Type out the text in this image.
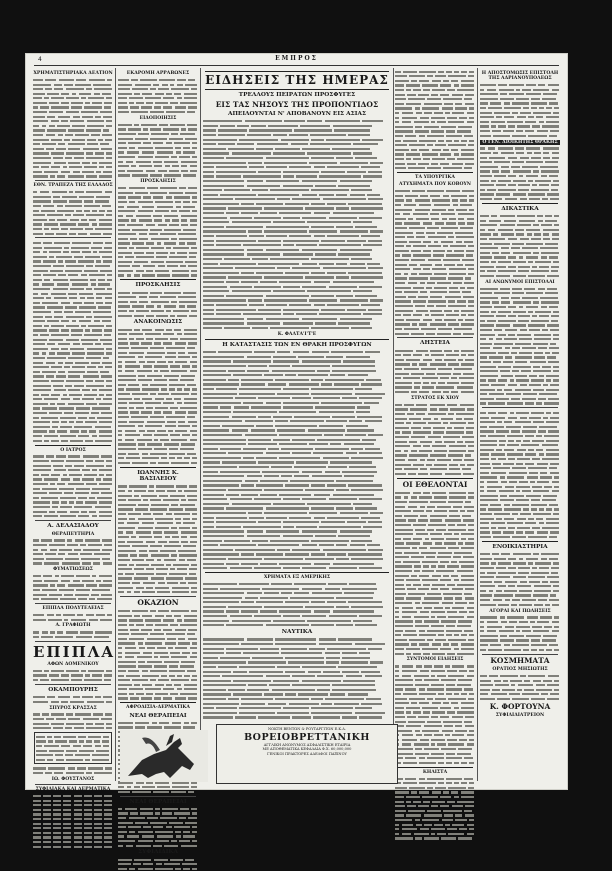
4	ΕΜΠΡΟΣ
ΧΡΗΜΑΤΙΣΤΗΡΙΑΚΑ ΔΕΛΤΙΟΝ
ΕΘΝ. ΤΡΑΠΕΖΑ ΤΗΣ ΕΛΛΑΔΟΣ
Ο ΙΑΤΡΟΣ
Α. ΔΕΛΑΣΙΑΔΟΥ
ΘΕΡΑΠΕΥΤΗΡΙΑ
ΦΥΜΑΤΙΩΣΕΩΣ
ΕΠΙΠΛΑ ΠΟΛΥΤΕΛΕΙΑΣ
Α. ΓΡΑΦΙΩΤΗ
ΕΠΙΠΛΑ
ΑΦΩΝ ΔΟΜΕΝΙΚΟΥ
ΟΚΑΜΠΟΥΡΗΣ
ΣΠΥΡΟΣ ΚΡΑΣΣΑΣ
ΙΩ. ΦΟΥΣΤΑΝΟΣ
ΣΥΦΙΛΙΑΚΑ ΚΑΙ ΔΕΡΜΑΤΙΚΑ
ΕΚΔΡΟΜΗ ΑΡΡΑΒΩΝΕΣ
ΕΙΔΟΠΟΙΗΣΙΣ
ΠΡΟΣΚΛΗΣΙΣ
ΠΡΟΣΚΛΗΣΙΣ
ΑΝΑΚΟΙΝΩΣΙΣ
ΙΩΑΝΝΗΣ Κ. ΒΑΣΙΛΕΙΟΥ
ΟΚΑΖΙΟΝ
ΑΦΡΟΔΙΣΙΑ-ΔΕΡΜΑΤΙΚΑ
ΝΕΑΙ ΘΕΡΑΠΕΙΑΙ
ΝΕΑΙ ΘΕΡΑΠΕΙΑΙ
ΣΥΦΙΛΙΔΙΚΑ
ΕΙΔΗΣΕΙΣ ΤΗΣ ΗΜΕΡΑΣ
ΤΡΕΛΛΟΥΣ ΠΕΙΡΑΤΩΝ ΠΡΟΣΦΥΓΕΣ
ΕΙΣ ΤΑΣ ΝΗΣΟΥΣ ΤΗΣ ΠΡΟΠΟΝΤΙΔΟΣ
ΑΠΕΙΛΟΥΝΤΑΙ Ν' ΑΠΟΒΑΝΟΥΝ ΕΙΣ ΑΣΙΑΣ
Κ. ΦΑΛΤΑ'Ι'Τ'Ε
Η ΚΑΤΑΣΤΑΣΙΣ ΤΩΝ ΕΝ ΘΡΑΚΗ ΠΡΟΣΦΥΓΩΝ
ΧΡΗΜΑΤΑ ΕΞ ΑΜΕΡΙΚΗΣ
ΝΑΥΤΙΚΑ
ΤΑ ΥΠΟΥΡΓΙΚΑ
ΑΤΥΧΗΜΑΤΑ ΠΟΥ ΚΟΒΟΥΝ
ΛΗΣΤΕΙΑ
ΣΤΡΑΤΟΣ ΕΚ ΧΙΟΥ
ΟΙ ΕΘΕΛΟΝΤΑΙ
ΣΥΝΤΟΜΟΙ ΕΙΔΗΣΕΙΣ
ΚΗΛΙΣΤΑ
Η ΑΠΟΣΤΟΜΩΣΙΣ ΕΠΙΣΤΟΛΗ ΤΗΣ ΑΔΡΙΑΝΟΥΠΟΛΕΩΣ
Ο ΓΕΝ. ΔΙΟΙΚΗΤΗΣ ΘΡΑΚΗΣ
ΔΙΚΑΣΤΙΚΑ
ΑΙ ΑΝΩΝΥΜΟΙ ΕΠΙΣΤΟΛΑΙ
ΕΝΟΙΚΙΑΣΤΗΡΙΑ
ΑΓΟΡΑΙ ΚΑΙ ΠΩΛΗΣΕΙΣ
ΚΟΣΜΗΜΑΤΑ
ΟΡΑΤΙΟΣ ΜΗΣΙΩΤΗΣ
Κ. ΦΟΡΤΟΥΝΑ
ΣΥΦΙΛΙΔΙΑΤΡΕΙΟΝ
ΝΟΚΤΗ ΒΕΝΤΩΝ & ΡΟΥΤΑΡΓΙΤΩΝ Ε.Κ.Δ.
ΒΟΡΕΙΟΒΡΕΤΤΑΝΙΚΗ
ΑΓΓΛΙΚΗ ΑΝΩΝΥΜΟΣ ΑΣΦΑΛΙΣΤΙΚΗ ΕΤΑΙΡΙΑ
ΜΕ ΑΠΟΘΕΜΑΤΙΚΑ ΚΕΦΑΛΑΙΑ Φ.Χ. 60,000,000
ΓΕΝΙΚΟΙ ΠΡΑΚΤΟΡΕΣ ΑΔΕΛΦΟΙ ΠΑΞΙΝΟΥ
